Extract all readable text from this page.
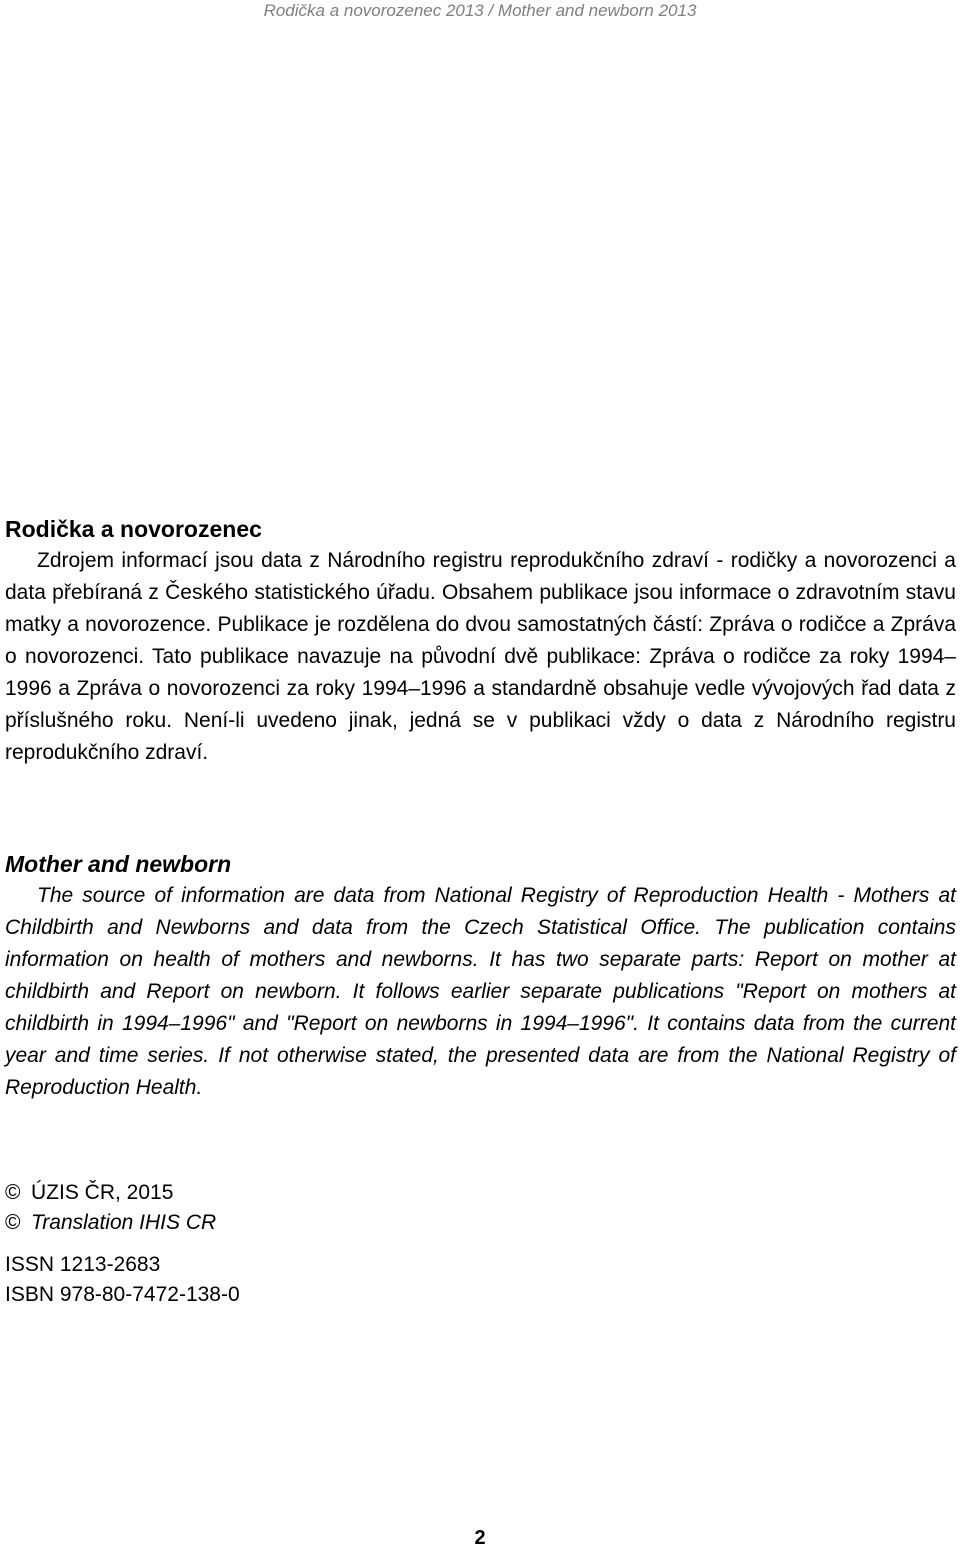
Rodička a novorozenec 2013 / Mother and newborn 2013
Rodička a novorozenec

Zdrojem informací jsou data z Národního registru reprodukčního zdraví - rodičky a novorozenci a data přebíraná z Českého statistického úřadu. Obsahem publikace jsou informace o zdravotním stavu matky a novorozence. Publikace je rozdělena do dvou samostatných částí: Zpráva o rodičce a Zpráva o novorozenci. Tato publikace navazuje na původní dvě publikace: Zpráva o rodičce za roky 1994–1996 a Zpráva o novorozenci za roky 1994–1996 a standardně obsahuje vedle vývojových řad data z příslušného roku. Není-li uvedeno jinak, jedná se v publikaci vždy o data z Národního registru reprodukčního zdraví.

Mother and newborn

The source of information are data from National Registry of Reproduction Health - Mothers at Childbirth and Newborns and data from the Czech Statistical Office. The publication contains information on health of mothers and newborns. It has two separate parts: Report on mother at childbirth and Report on newborn. It follows earlier separate publications "Report on mothers at childbirth in 1994–1996" and "Report on newborns in 1994–1996". It contains data from the current year and time series. If not otherwise stated, the presented data are from the National Registry of Reproduction Health.

© ÚZIS ČR, 2015
© Translation IHIS CR
ISSN 1213-2683
ISBN 978-80-7472-138-0
2
